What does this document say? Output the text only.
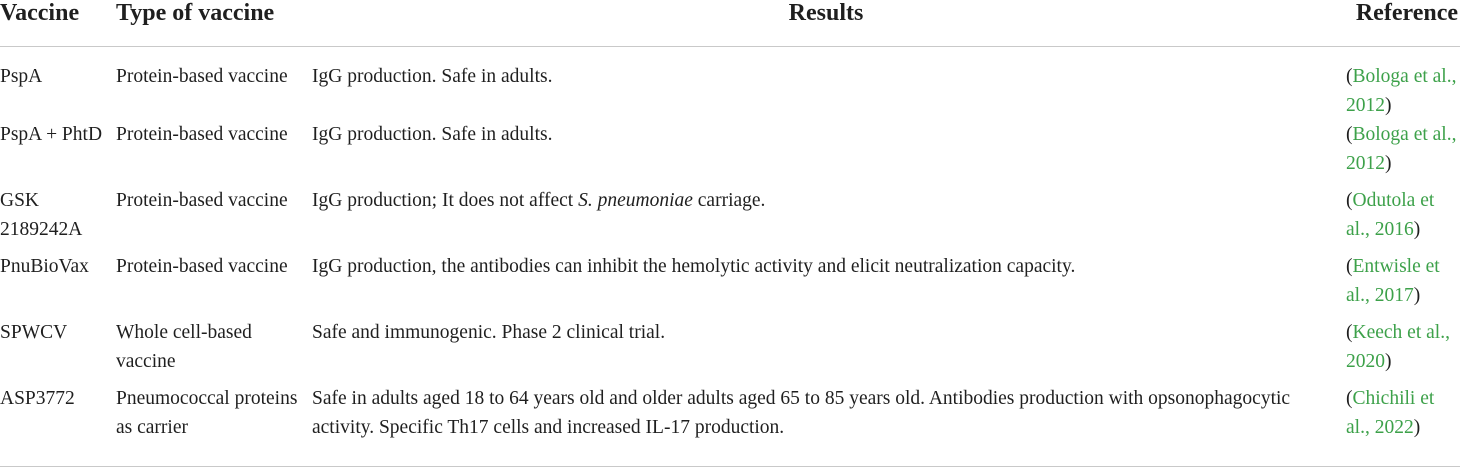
Vaccine	Type of vaccine	Results	Reference
PspA	Protein-based vaccine	IgG production. Safe in adults.	(Bologa et al., 2012)
PspA + PhtD	Protein-based vaccine	IgG production. Safe in adults.	(Bologa et al., 2012)
GSK 2189242A	Protein-based vaccine	IgG production; It does not affect S. pneumoniae carriage.	(Odutola et al., 2016)
PnuBioVax	Protein-based vaccine	IgG production, the antibodies can inhibit the hemolytic activity and elicit neutralization capacity.	(Entwisle et al., 2017)
SPWCV	Whole cell-based vaccine	Safe and immunogenic. Phase 2 clinical trial.	(Keech et al., 2020)
ASP3772	Pneumococcal proteins as carrier	Safe in adults aged 18 to 64 years old and older adults aged 65 to 85 years old. Antibodies production with opsonophagocytic activity. Specific Th17 cells and increased IL-17 production.	(Chichili et al., 2022)
